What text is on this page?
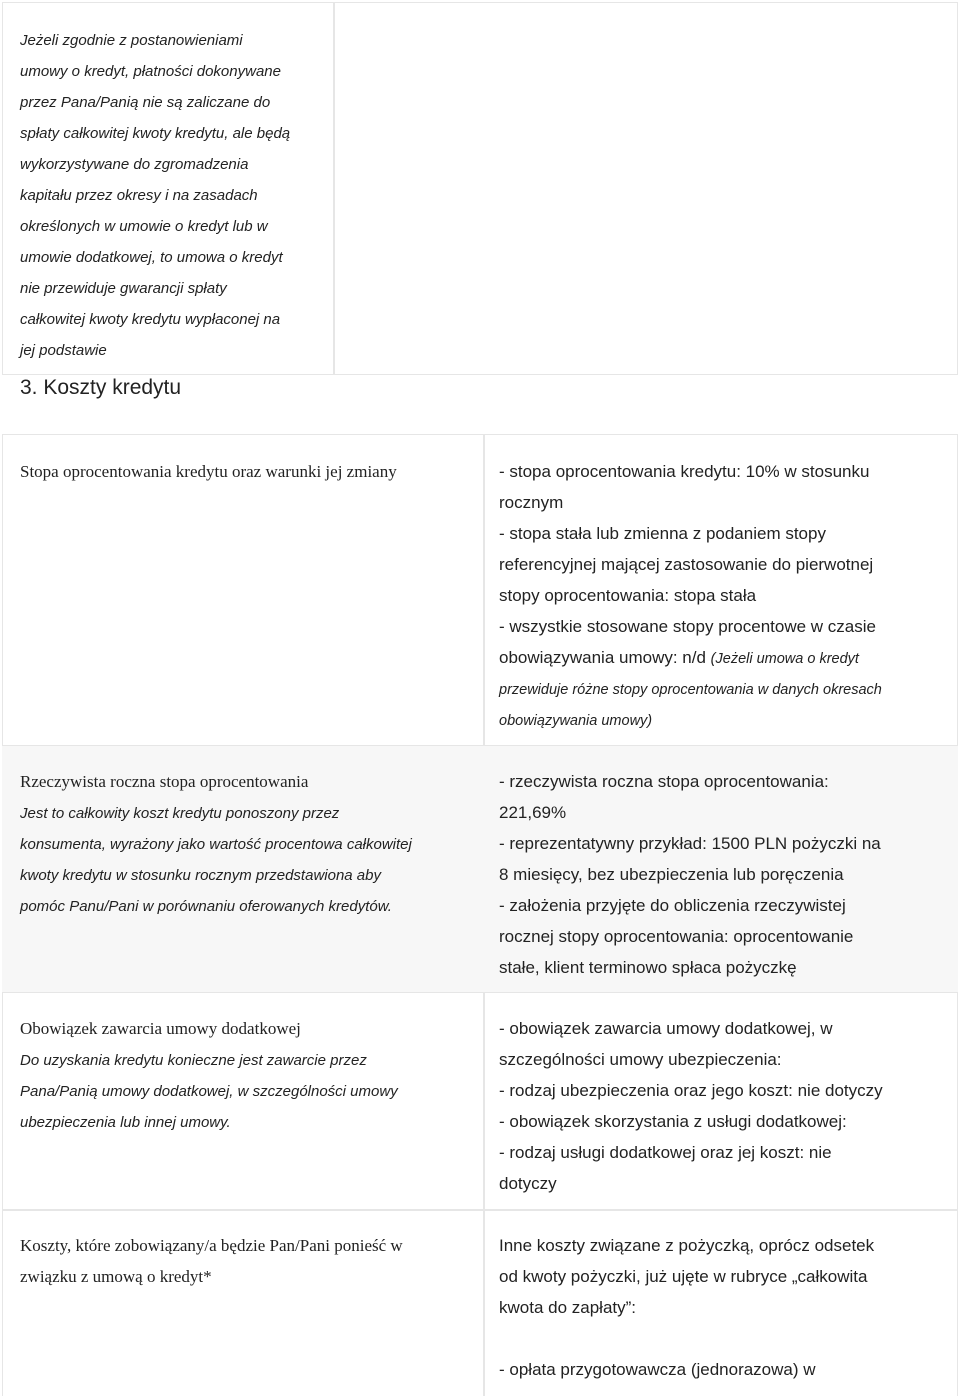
Jeżeli zgodnie z postanowieniami
umowy o kredyt, płatności dokonywane
przez Pana/Panią nie są zaliczane do
spłaty całkowitej kwoty kredytu, ale będą
wykorzystywane do zgromadzenia
kapitału przez okresy i na zasadach
określonych w umowie o kredyt lub w
umowie dodatkowej, to umowa o kredyt
nie przewiduje gwarancji spłaty
całkowitej kwoty kredytu wypłaconej na
jej podstawie
3. Koszty kredytu
Stopa oprocentowania kredytu oraz warunki jej zmiany	- stopa oprocentowania kredytu: 10% w stosunku
rocznym
- stopa stała lub zmienna z podaniem stopy
referencyjnej mającej zastosowanie do pierwotnej
stopy oprocentowania: stopa stała
- wszystkie stosowane stopy procentowe w czasie
obowiązywania umowy: n/d (Jeżeli umowa o kredyt
przewiduje różne stopy oprocentowania w danych okresach
obowiązywania umowy)
Rzeczywista roczna stopa oprocentowania
Jest to całkowity koszt kredytu ponoszony przez
konsumenta, wyrażony jako wartość procentowa całkowitej
kwoty kredytu w stosunku rocznym przedstawiona aby
pomóc Panu/Pani w porównaniu oferowanych kredytów.
- rzeczywista roczna stopa oprocentowania:
221,69%
- reprezentatywny przykład: 1500 PLN pożyczki na
8 miesięcy, bez ubezpieczenia lub poręczenia
- założenia przyjęte do obliczenia rzeczywistej
rocznej stopy oprocentowania: oprocentowanie
stałe, klient terminowo spłaca pożyczkę
Obowiązek zawarcia umowy dodatkowej
Do uzyskania kredytu konieczne jest zawarcie przez
Pana/Panią umowy dodatkowej, w szczególności umowy
ubezpieczenia lub innej umowy.
- obowiązek zawarcia umowy dodatkowej, w
szczególności umowy ubezpieczenia:
- rodzaj ubezpieczenia oraz jego koszt: nie dotyczy
- obowiązek skorzystania z usługi dodatkowej:
- rodzaj usługi dodatkowej oraz jej koszt: nie
dotyczy
Koszty, które zobowiązany/a będzie Pan/Pani ponieść w
związku z umową o kredyt*
Inne koszty związane z pożyczką, oprócz odsetek
od kwoty pożyczki, już ujęte w rubryce „całkowita
kwota do zapłaty”:
- opłata przygotowawcza (jednorazowa) w
